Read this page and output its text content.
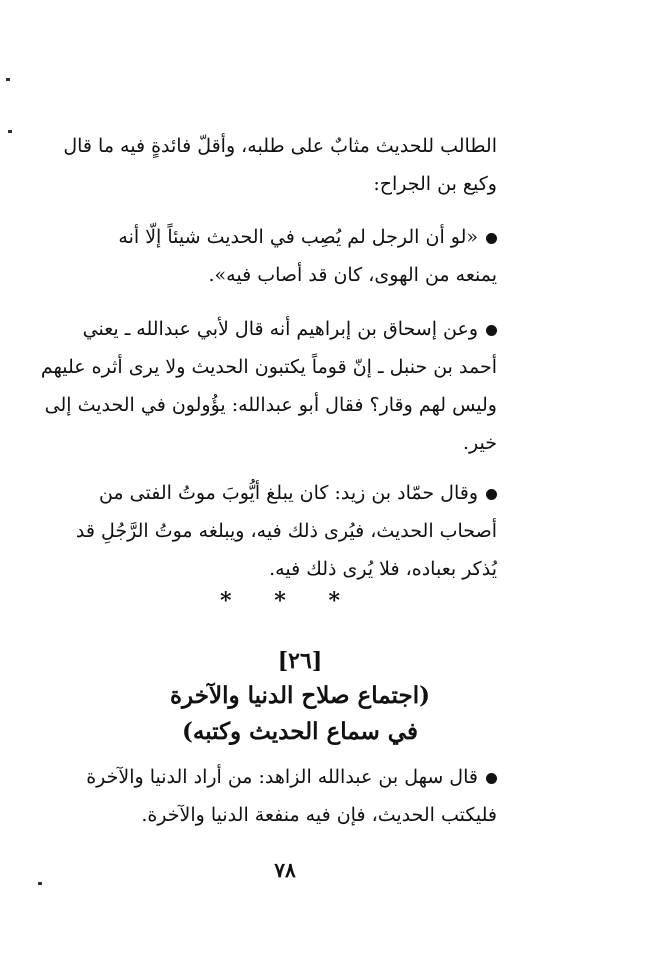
الطالب للحديث مثابٌ على طلبه، وأقلّ فائدةٍ فيه ما قال
وكيع بن الجراح:
«لو أن الرجل لم يُصِب في الحديث شيئاً إلّا أنه
يمنعه من الهوى، كان قد أصاب فيه».
وعن إسحاق بن إبراهيم أنه قال لأبي عبدالله ـ يعني
أحمد بن حنبل ـ إنّ قوماً يكتبون الحديث ولا يرى أثره عليهم
وليس لهم وقار؟ فقال أبو عبدالله: يؤُولون في الحديث إلى
خير.
وقال حمّاد بن زيد: كان يبلغ أيُّوبَ موتُ الفتى من
أصحاب الحديث، فيُرى ذلك فيه، ويبلغه موتُ الرَّجُلِ قد
يُذكر بعباده، فلا يُرى ذلك فيه.
* * *
[٢٦]
(اجتماع صلاح الدنيا والآخرة
في سماع الحديث وكتبه)
قال سهل بن عبدالله الزاهد: من أراد الدنيا والآخرة
فليكتب الحديث، فإن فيه منفعة الدنيا والآخرة.
٧٨
